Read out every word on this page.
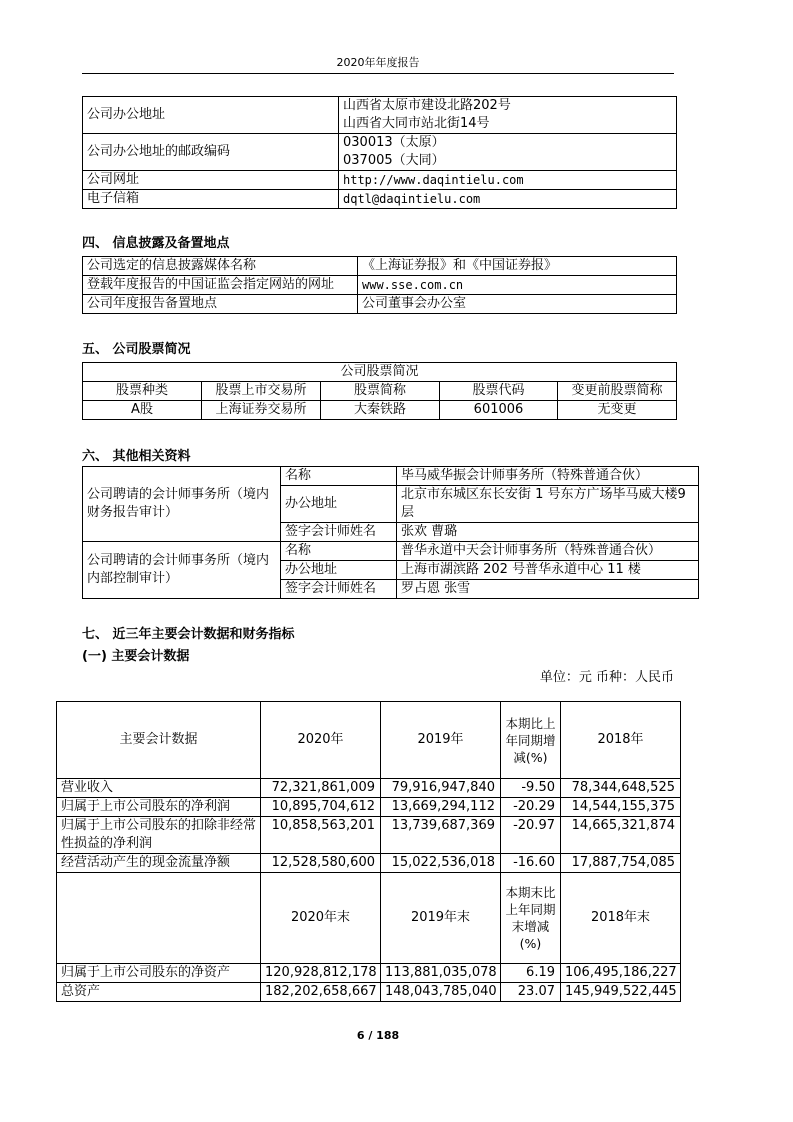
2020年年度报告
公司办公地址	山西省太原市建设北路202号
山西省大同市站北街14号

公司办公地址的邮政编码	030013（太原）
037005（大同）

公司网址	http://www.daqintielu.com
电子信箱	dqtl@daqintielu.com
四、 信息披露及备置地点
公司选定的信息披露媒体名称	《上海证券报》和《中国证券报》
登载年度报告的中国证监会指定网站的网址	www.sse.com.cn
公司年度报告备置地点	公司董事会办公室
五、 公司股票简况
公司股票简况				
股票种类	股票上市交易所	股票简称	股票代码	变更前股票简称
A股	上海证券交易所	大秦铁路	601006	无变更
六、 其他相关资料
公司聘请的会计师事务所（境内 财务报告审计）	名称	毕马威华振会计师事务所（特殊普通合伙）
	办公地址	北京市东城区东长安街 1 号东方广场毕马威大楼9层
	签字会计师姓名	张欢 曹璐
公司聘请的会计师事务所（境内 内部控制审计）	名称	普华永道中天会计师事务所（特殊普通合伙）
	办公地址	上海市湖滨路 202 号普华永道中心 11 楼
	签字会计师姓名	罗占恩 张雪
七、 近三年主要会计数据和财务指标
(一) 主要会计数据
单位：元 币种：人民币
主要会计数据	2020年	2019年	本期比上年同期增减(%)	2018年
营业收入	72,321,861,009	79,916,947,840	-9.50	78,344,648,525
归属于上市公司股东的净利润	10,895,704,612	13,669,294,112	-20.29	14,544,155,375
归属于上市公司股东的扣除非经常性损益的净利润	10,858,563,201	13,739,687,369	-20.97	14,665,321,874
经营活动产生的现金流量净额	12,528,580,600	15,022,536,018	-16.60	17,887,754,085
	2020年末	2019年末	本期末比上年同期末增减(%)	2018年末
归属于上市公司股东的净资产	120,928,812,178	113,881,035,078	6.19	106,495,186,227
总资产	182,202,658,667	148,043,785,040	23.07	145,949,522,445
6 / 188
